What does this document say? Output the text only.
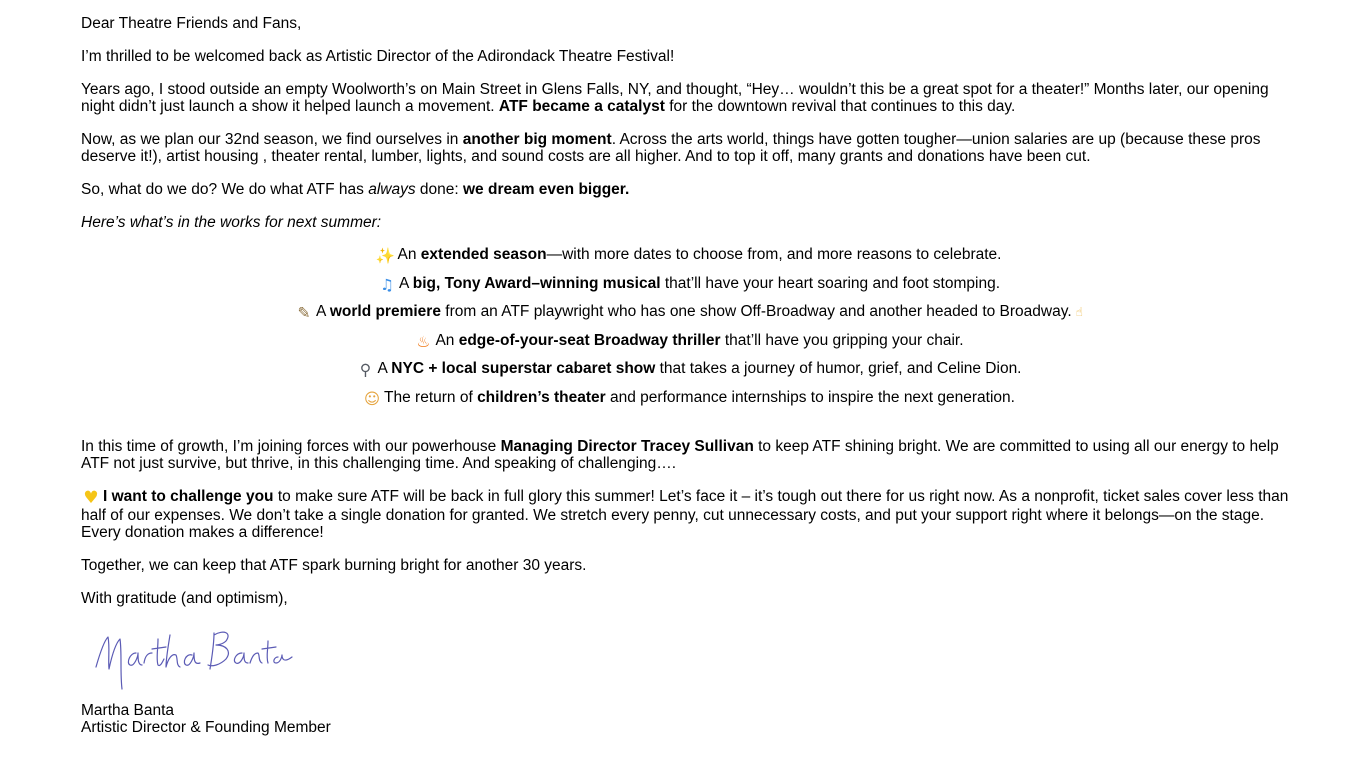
Dear Theatre Friends and Fans,

I’m thrilled to be welcomed back as Artistic Director of the Adirondack Theatre Festival!

Years ago, I stood outside an empty Woolworth’s on Main Street in Glens Falls, NY, and thought, “Hey… wouldn’t this be a great spot for a theater!” Months later, our opening night didn’t just launch a show it helped launch a movement. ATF became a catalyst for the downtown revival that continues to this day.

Now, as we plan our 32nd season, we find ourselves in another big moment. Across the arts world, things have gotten tougher—union salaries are up (because these pros deserve it!), artist housing , theater rental, lumber, lights, and sound costs are all higher. And to top it off, many grants and donations have been cut.

So, what do we do? We do what ATF has always done: we dream even bigger.

Here’s what’s in the works for next summer:

✨ An extended season—with more dates to choose from, and more reasons to celebrate.
♫ A big, Tony Award–winning musical that’ll have your heart soaring and foot stomping.
✎ A world premiere from an ATF playwright who has one show Off-Broadway and another headed to Broadway. ☝
♨ An edge-of-your-seat Broadway thriller that’ll have you gripping your chair.
⚲ A NYC + local superstar cabaret show that takes a journey of humor, grief, and Celine Dion.
☺ The return of children’s theater and performance internships to inspire the next generation.

In this time of growth, I’m joining forces with our powerhouse Managing Director Tracey Sullivan to keep ATF shining bright. We are committed to using all our energy to help ATF not just survive, but thrive, in this challenging time. And speaking of challenging….

♥ I want to challenge you to make sure ATF will be back in full glory this summer! Let’s face it – it’s tough out there for us right now. As a nonprofit, ticket sales cover less than half of our expenses. We don’t take a single donation for granted. We stretch every penny, cut unnecessary costs, and put your support right where it belongs—on the stage. Every donation makes a difference!

Together, we can keep that ATF spark burning bright for another 30 years.

With gratitude (and optimism),

Martha Banta
Artistic Director & Founding Member
